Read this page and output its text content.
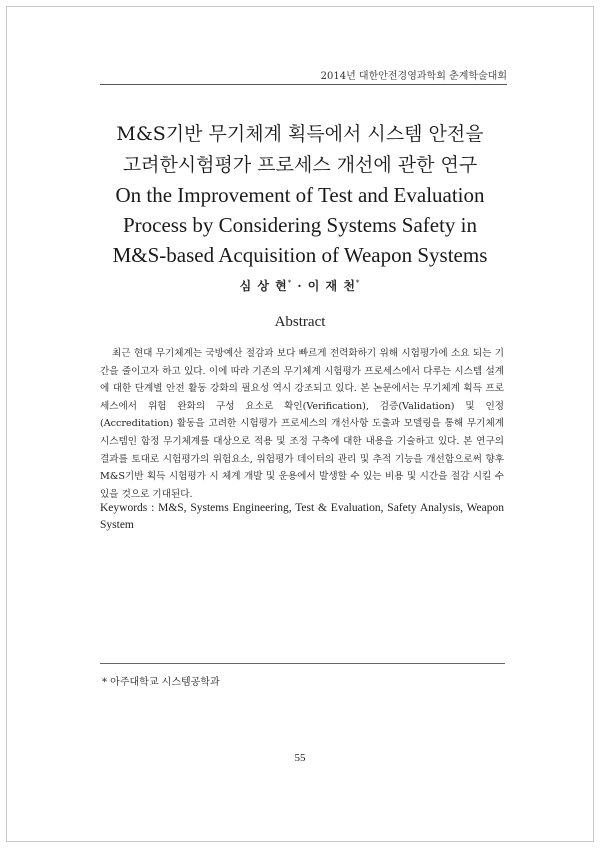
2014년 대한안전경영과학회 춘계학술대회
M&S기반 무기체계 획득에서 시스템 안전을
고려한시험평가 프로세스 개선에 관한 연구
On the Improvement of Test and Evaluation
Process by Considering Systems Safety in
M&S-based Acquisition of Weapon Systems
심 상 현* · 이 재 천*
Abstract
최근 현대 무기체계는 국방예산 절감과 보다 빠르게 전력화하기 위해 시험평가에 소요 되는 기간을 줄이고자 하고 있다. 이에 따라 기존의 무기체계 시험평가 프로세스에서 다루는 시스템 설계에 대한 단계별 안전 활동 강화의 필요성 역시 강조되고 있다. 본 논문에서는 무기체계 획득 프로세스에서 위험 완화의 구성 요소로 확인(Verification), 검증(Validation) 및 인정(Accreditation) 활동을 고려한 시험평가 프로세스의 개선사항 도출과 모델링을 통해 무기체계 시스템인 함정 무기체계를 대상으로 적용 및 조정 구축에 대한 내용을 기술하고 있다. 본 연구의 결과를 토대로 시험평가의 위험요소, 위험평가 데이터의 관리 및 추적 기능을 개선함으로써 향후 M&S기반 획득 시험평가 시 체계 개발 및 운용에서 발생할 수 있는 비용 및 시간을 절감 시킬 수 있을 것으로 기대된다.
Keywords : M&S, Systems Engineering, Test & Evaluation, Safety Analysis, Weapon System
* 아주대학교 시스템공학과
55
